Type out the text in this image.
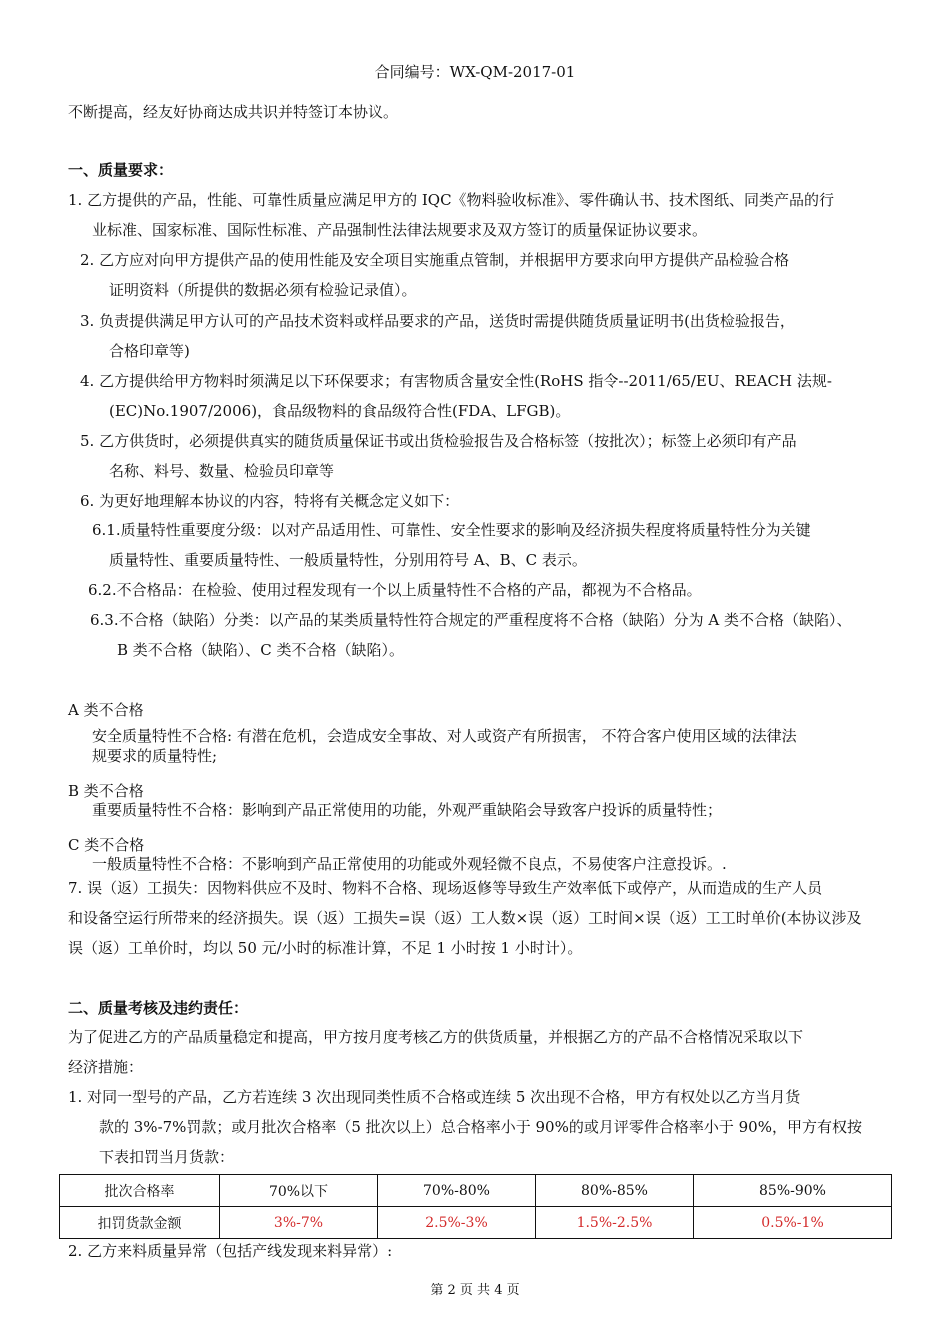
合同编号：WX-QM-2017-01
不断提高，经友好协商达成共识并特签订本协议。
一、质量要求：
1. 乙方提供的产品，性能、可靠性质量应满足甲方的 IQC《物料验收标准》、零件确认书、技术图纸、同类产品的行
业标准、国家标准、国际性标准、产品强制性法律法规要求及双方签订的质量保证协议要求。
2. 乙方应对向甲方提供产品的使用性能及安全项目实施重点管制，并根据甲方要求向甲方提供产品检验合格
证明资料（所提供的数据必须有检验记录值）。
3. 负责提供满足甲方认可的产品技术资料或样品要求的产品，送货时需提供随货质量证明书(出货检验报告，
合格印章等)
4. 乙方提供给甲方物料时须满足以下环保要求；有害物质含量安全性(RoHS 指令--2011/65/EU、REACH 法规-
(EC)No.1907/2006)，食品级物料的食品级符合性(FDA、LFGB)。
5. 乙方供货时，必须提供真实的随货质量保证书或出货检验报告及合格标签（按批次）；标签上必须印有产品
名称、料号、数量、检验员印章等
6. 为更好地理解本协议的内容，特将有关概念定义如下：
6.1.质量特性重要度分级：以对产品适用性、可靠性、安全性要求的影响及经济损失程度将质量特性分为关键
质量特性、重要质量特性、一般质量特性，分别用符号 A、B、C 表示。
6.2.不合格品：在检验、使用过程发现有一个以上质量特性不合格的产品，都视为不合格品。
6.3.不合格（缺陷）分类：以产品的某类质量特性符合规定的严重程度将不合格（缺陷）分为 A 类不合格（缺陷）、
B 类不合格（缺陷）、C 类不合格（缺陷）。
A 类不合格
安全质量特性不合格: 有潜在危机，会造成安全事故、对人或资产有所损害， 不符合客户使用区域的法律法
规要求的质量特性;
B 类不合格
重要质量特性不合格：影响到产品正常使用的功能，外观严重缺陷会导致客户投诉的质量特性；
C 类不合格
一般质量特性不合格：不影响到产品正常使用的功能或外观轻微不良点，不易使客户注意投诉。.
7. 误（返）工损失：因物料供应不及时、物料不合格、现场返修等导致生产效率低下或停产，从而造成的生产人员
和设备空运行所带来的经济损失。误（返）工损失=误（返）工人数×误（返）工时间×误（返）工工时单价(本协议涉及
误（返）工单价时，均以 50 元/小时的标准计算，不足 1 小时按 1 小时计）。
二、质量考核及违约责任：
为了促进乙方的产品质量稳定和提高，甲方按月度考核乙方的供货质量，并根据乙方的产品不合格情况采取以下
经济措施：
1. 对同一型号的产品，乙方若连续 3 次出现同类性质不合格或连续 5 次出现不合格，甲方有权处以乙方当月货
款的 3%-7%罚款；或月批次合格率（5 批次以上）总合格率小于 90%的或月评零件合格率小于 90%，甲方有权按
下表扣罚当月货款：
批次合格率	70%以下	70%-80%	80%-85%	85%-90%
扣罚货款金额	3%-7%	2.5%-3%	1.5%-2.5%	0.5%-1%
2. 乙方来料质量异常（包括产线发现来料异常）:
第 2 页 共 4 页
